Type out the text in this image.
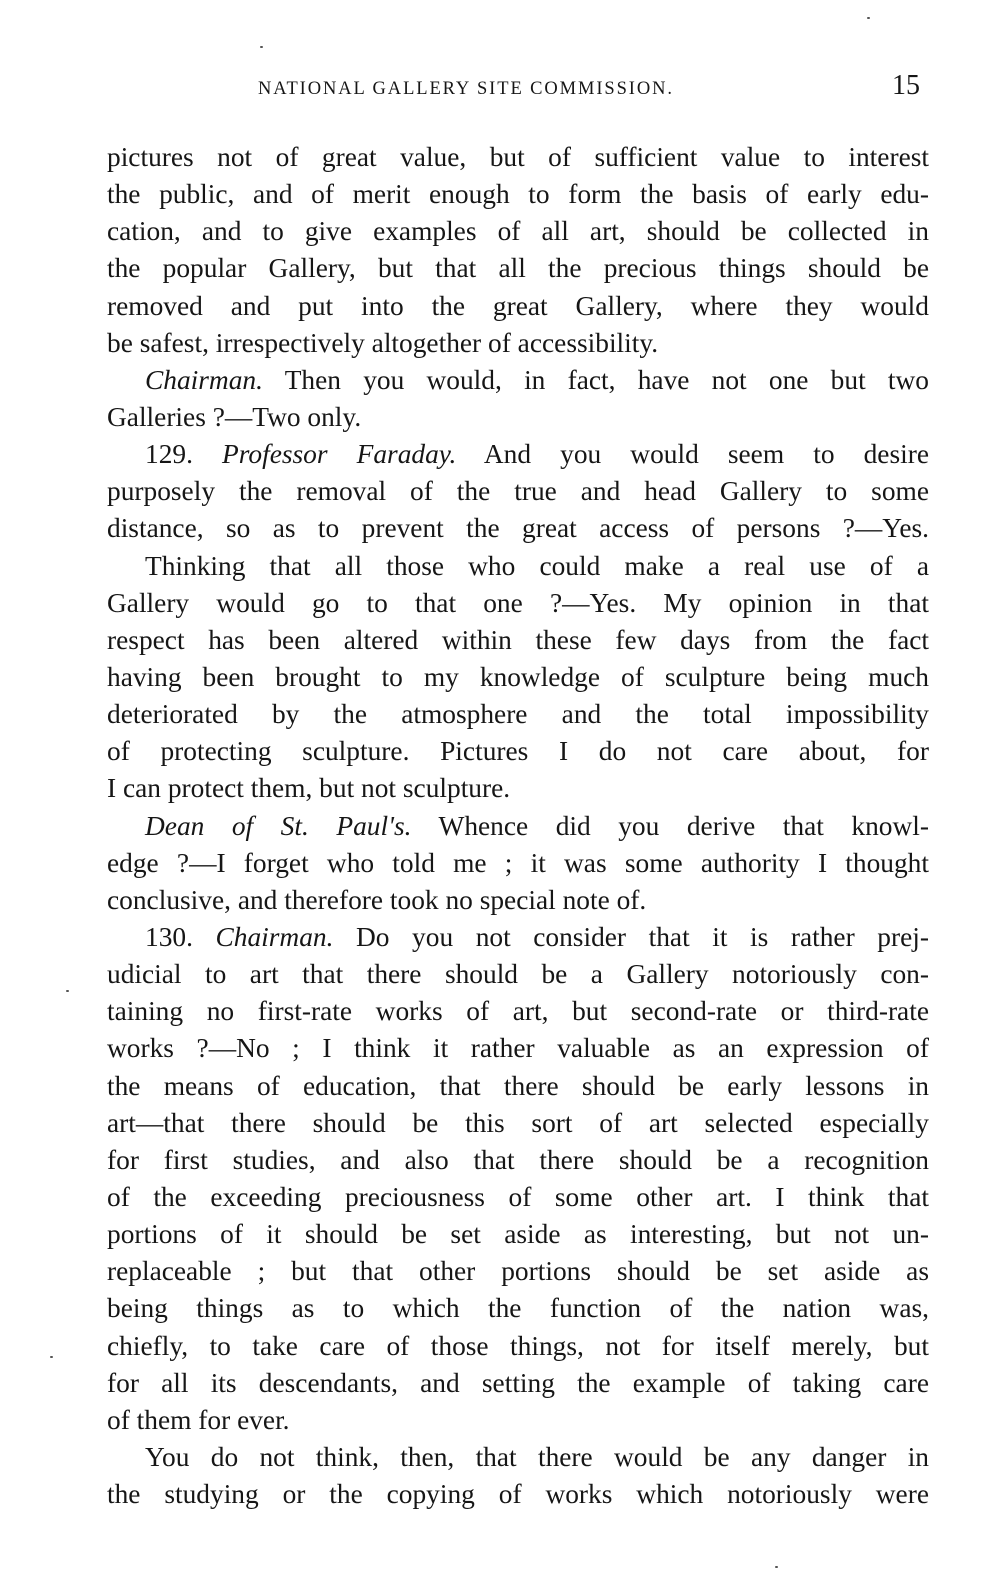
NATIONAL GALLERY SITE COMMISSION.	15
pictures not of great value, but of sufficient value to interest
the public, and of merit enough to form the basis of early edu-
cation, and to give examples of all art, should be collected in
the popular Gallery, but that all the precious things should be
removed and put into the great Gallery, where they would
be safest, irrespectively altogether of accessibility.
Chairman. Then you would, in fact, have not one but two
Galleries ?—Two only.
129. Professor Faraday. And you would seem to desire
purposely the removal of the true and head Gallery to some
distance, so as to prevent the great access of persons ?—Yes.
Thinking that all those who could make a real use of a
Gallery would go to that one ?—Yes. My opinion in that
respect has been altered within these few days from the fact
having been brought to my knowledge of sculpture being much
deteriorated by the atmosphere and the total impossibility
of protecting sculpture. Pictures I do not care about, for
I can protect them, but not sculpture.
Dean of St. Paul's. Whence did you derive that knowl-
edge ?—I forget who told me ; it was some authority I thought
conclusive, and therefore took no special note of.
130. Chairman. Do you not consider that it is rather prej-
udicial to art that there should be a Gallery notoriously con-
taining no first-rate works of art, but second-rate or third-rate
works ?—No ; I think it rather valuable as an expression of
the means of education, that there should be early lessons in
art—that there should be this sort of art selected especially
for first studies, and also that there should be a recognition
of the exceeding preciousness of some other art. I think that
portions of it should be set aside as interesting, but not un-
replaceable ; but that other portions should be set aside as
being things as to which the function of the nation was,
chiefly, to take care of those things, not for itself merely, but
for all its descendants, and setting the example of taking care
of them for ever.
You do not think, then, that there would be any danger in
the studying or the copying of works which notoriously were
